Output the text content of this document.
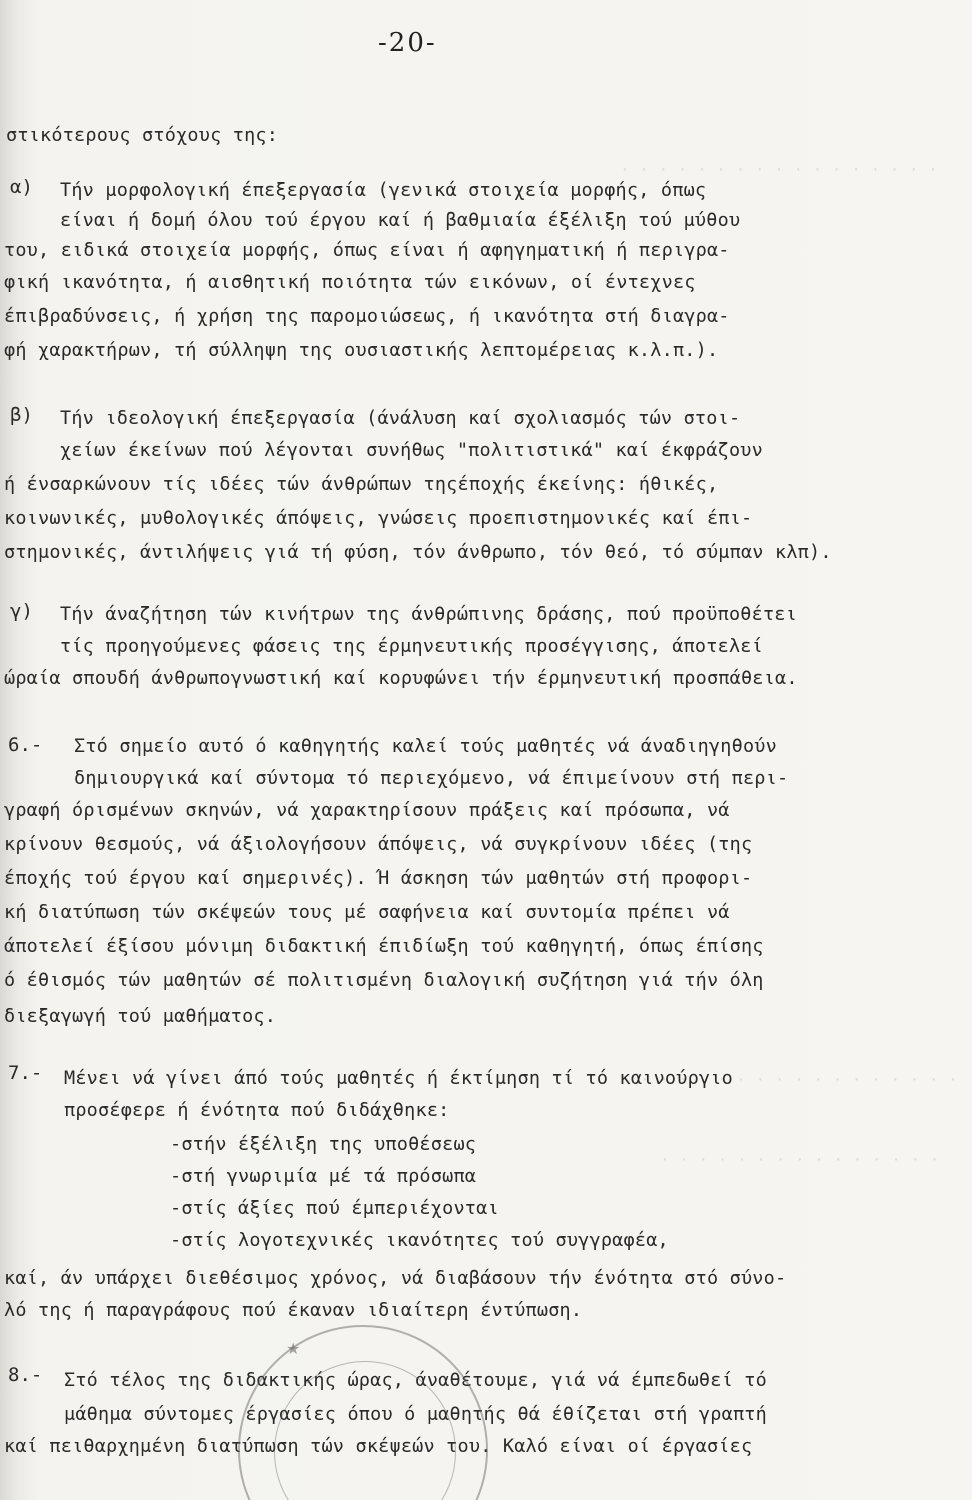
-20-
· · · · · · · · · · · · · · · · ·
· · · · · · · · · · · · · · · · ·
· · · · · · · · · · · · · · ·
α)
β)
γ)
6.-
7.-
8.-
στικότερους στόχους της:
Τήν μορφολογική έπεξεργασία (γενικά στοιχεία μορφής, όπως
είναι ή δομή όλου τού έργου καί ή βαθμιαία έξέλιξη τού μύθου
του, ειδικά στοιχεία μορφής, όπως είναι ή αφηγηματική ή περιγρα-
φική ικανότητα, ή αισθητική ποιότητα τών εικόνων, οί έντεχνες
έπιβραδύνσεις, ή χρήση της παρομοιώσεως, ή ικανότητα στή διαγρα-
φή χαρακτήρων, τή σύλληψη της ουσιαστικής λεπτομέρειας κ.λ.π.).
Τήν ιδεολογική έπεξεργασία (άνάλυση καί σχολιασμός τών στοι-
χείων έκείνων πού λέγονται συνήθως "πολιτιστικά" καί έκφράζουν
ή ένσαρκώνουν τίς ιδέες τών άνθρώπων τηςέποχής έκείνης: ήθικές,
κοινωνικές, μυθολογικές άπόψεις, γνώσεις προεπιστημονικές καί έπι-
στημονικές, άντιλήψεις γιά τή φύση, τόν άνθρωπο, τόν θεό, τό σύμπαν κλπ).
Τήν άναζήτηση τών κινήτρων της άνθρώπινης δράσης, πού προϋποθέτει
τίς προηγούμενες φάσεις της έρμηνευτικής προσέγγισης, άποτελεί
ώραία σπουδή άνθρωπογνωστική καί κορυφώνει τήν έρμηνευτική προσπάθεια.
Στό σημείο αυτό ό καθηγητής καλεί τούς μαθητές νά άναδιηγηθούν
δημιουργικά καί σύντομα τό περιεχόμενο, νά έπιμείνουν στή περι-
γραφή όρισμένων σκηνών, νά χαρακτηρίσουν πράξεις καί πρόσωπα, νά
κρίνουν θεσμούς, νά άξιολογήσουν άπόψεις, νά συγκρίνουν ιδέες (της
έποχής τού έργου καί σημερινές). Ή άσκηση τών μαθητών στή προφορι-
κή διατύπωση τών σκέψεών τους μέ σαφήνεια καί συντομία πρέπει νά
άποτελεί έξίσου μόνιμη διδακτική έπιδίωξη τού καθηγητή, όπως έπίσης
ό έθισμός τών μαθητών σέ πολιτισμένη διαλογική συζήτηση γιά τήν όλη
διεξαγωγή τού μαθήματος.
Μένει νά γίνει άπό τούς μαθητές ή έκτίμηση τί τό καινούργιο
προσέφερε ή ένότητα πού διδάχθηκε:
-στήν έξέλιξη της υποθέσεως
-στή γνωριμία μέ τά πρόσωπα
-στίς άξίες πού έμπεριέχονται
-στίς λογοτεχνικές ικανότητες τού συγγραφέα,
καί, άν υπάρχει διεθέσιμος χρόνος, νά διαβάσουν τήν ένότητα στό σύνο-
λό της ή παραγράφους πού έκαναν ιδιαίτερη έντύπωση.
Στό τέλος της διδακτικής ώρας, άναθέτουμε, γιά νά έμπεδωθεί τό
μάθημα σύντομες έργασίες όπου ό μαθητής θά έθίζεται στή γραπτή
καί πειθαρχημένη διατύπωση τών σκέψεών του. Καλό είναι οί έργασίες
★
